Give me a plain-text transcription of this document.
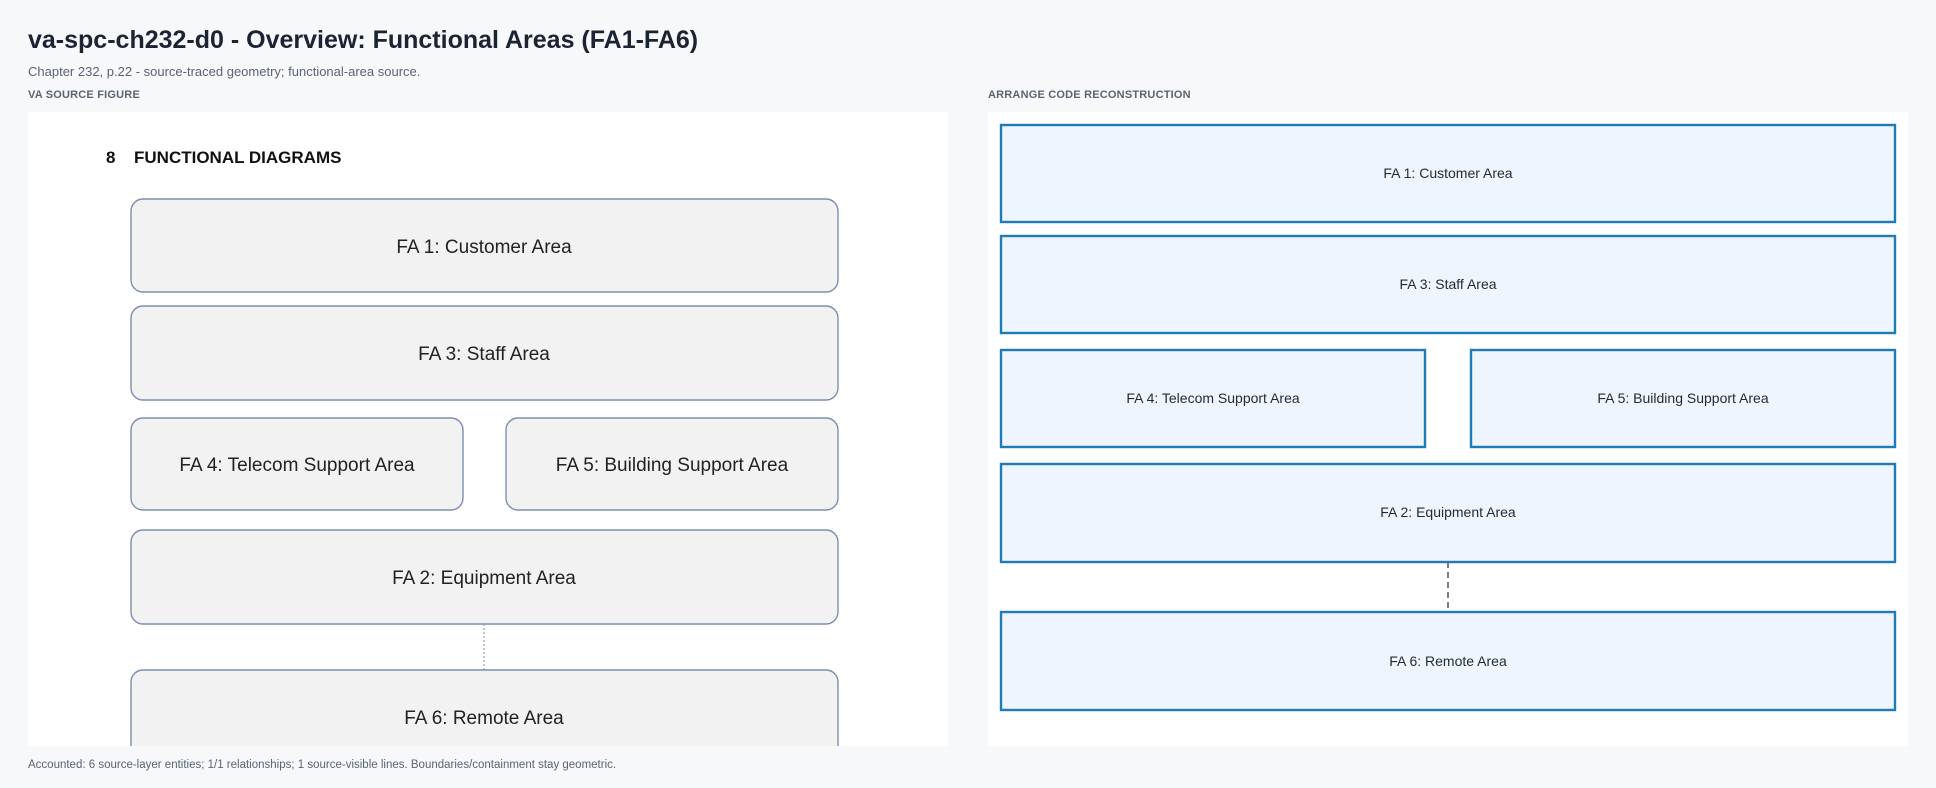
va-spc-ch232-d0 - Overview: Functional Areas (FA1-FA6)
Chapter 232, p.22 - source-traced geometry; functional-area source.
VA SOURCE FIGURE
8 FUNCTIONAL DIAGRAMS
FA 1: Customer Area
FA 3: Staff Area
FA 4: Telecom Support Area	FA 5: Building Support Area
FA 2: Equipment Area
FA 6: Remote Area
ARRANGE CODE RECONSTRUCTION
FA 1: Customer Area
FA 3: Staff Area
FA 4: Telecom Support Area	FA 5: Building Support Area
FA 2: Equipment Area
FA 6: Remote Area
Accounted: 6 source-layer entities; 1/1 relationships; 1 source-visible lines. Boundaries/containment stay geometric.
